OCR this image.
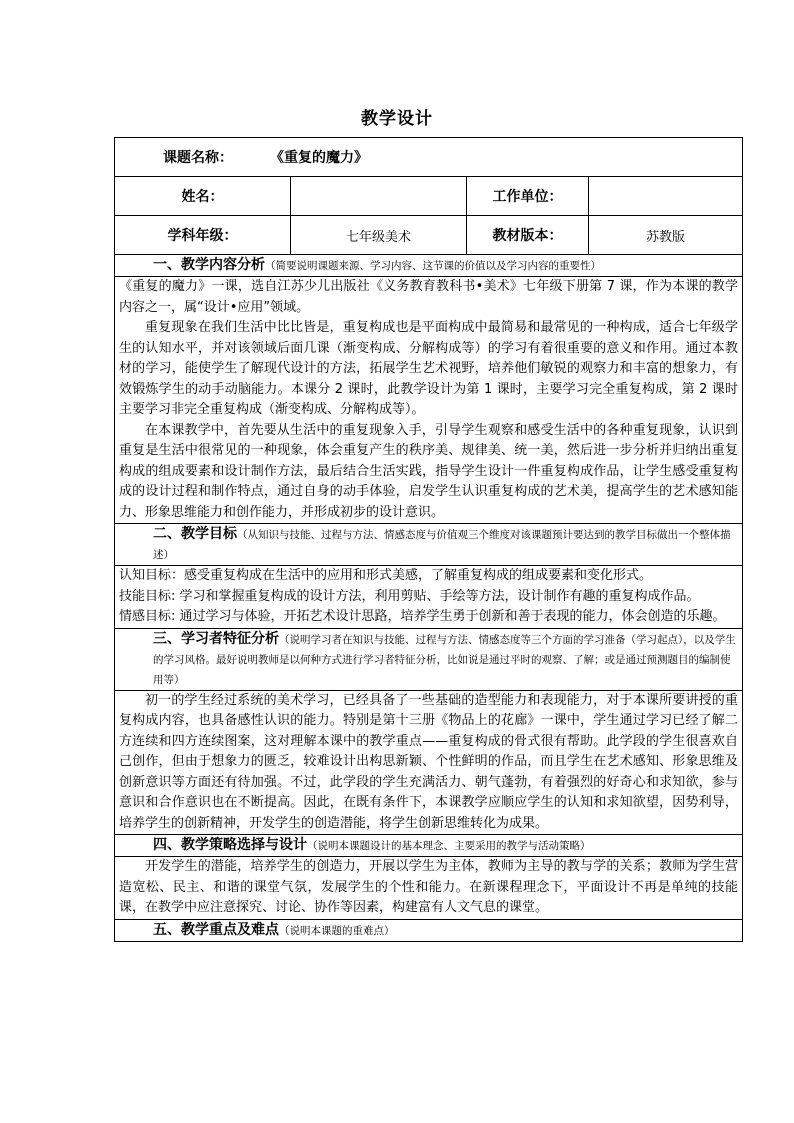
教学设计
课题名称： 《重复的魔力》			
姓名：		工作单位：	
学科年级：	七年级美术	教材版本：	苏教版
一、教学内容分析（简要说明课题来源、学习内容、这节课的价值以及学习内容的重要性）			

《重复的魔力》一课，选自江苏少儿出版社《义务教育教科书•美术》七年级下册第 7 课，作为本课的教学内容之一，属“设计•应用”领域。

重复现象在我们生活中比比皆是，重复构成也是平面构成中最简易和最常见的一种构成，适合七年级学生的认知水平，并对该领域后面几课（渐变构成、分解构成等）的学习有着很重要的意义和作用。通过本教材的学习，能使学生了解现代设计的方法，拓展学生艺术视野，培养他们敏锐的观察力和丰富的想象力，有效锻炼学生的动手动脑能力。本课分 2 课时，此教学设计为第 1 课时，主要学习完全重复构成，第 2 课时主要学习非完全重复构成（渐变构成、分解构成等）。

在本课教学中，首先要从生活中的重复现象入手，引导学生观察和感受生活中的各种重复现象，认识到重复是生活中很常见的一种现象，体会重复产生的秩序美、规律美、统一美，然后进一步分析并归纳出重复构成的组成要素和设计制作方法，最后结合生活实践，指导学生设计一件重复构成作品，让学生感受重复构成的设计过程和制作特点，通过自身的动手体验，启发学生认识重复构成的艺术美，提高学生的艺术感知能力、形象思维能力和创作能力，并形成初步的设计意识。			

二、教学目标（从知识与技能、过程与方法、情感态度与价值观三个维度对该课题预计要达到的教学目标做出一个整体描述）			

认知目标：感受重复构成在生活中的应用和形式美感，了解重复构成的组成要素和变化形式。

技能目标: 学习和掌握重复构成的设计方法，利用剪贴、手绘等方法，设计制作有趣的重复构成作品。

情感目标: 通过学习与体验，开拓艺术设计思路，培养学生勇于创新和善于表现的能力，体会创造的乐趣。			

三、学习者特征分析（说明学习者在知识与技能、过程与方法、情感态度等三个方面的学习准备（学习起点），以及学生的学习风格。最好说明教师是以何种方式进行学习者特征分析，比如说是通过平时的观察、了解；或是通过预测题目的编制使用等）			

初一的学生经过系统的美术学习，已经具备了一些基础的造型能力和表现能力，对于本课所要讲授的重复构成内容，也具备感性认识的能力。特别是第十三册《物品上的花廊》一课中，学生通过学习已经了解二方连续和四方连续图案，这对理解本课中的教学重点——重复构成的骨式很有帮助。此学段的学生很喜欢自己创作，但由于想象力的匮乏，较难设计出构思新颖、个性鲜明的作品，而且学生在艺术感知、形象思维及创新意识等方面还有待加强。不过，此学段的学生充满活力、朝气蓬勃，有着强烈的好奇心和求知欲，参与意识和合作意识也在不断提高。因此，在既有条件下，本课教学应顺应学生的认知和求知欲望，因势利导，培养学生的创新精神，开发学生的创造潜能，将学生创新思维转化为成果。			

四、教学策略选择与设计（说明本课题设计的基本理念、主要采用的教学与活动策略）			

开发学生的潜能，培养学生的创造力，开展以学生为主体，教师为主导的教与学的关系；教师为学生营造宽松、民主、和谐的课堂气氛，发展学生的个性和能力。在新课程理念下，平面设计不再是单纯的技能课，在教学中应注意探究、讨论、协作等因素，构建富有人文气息的课堂。			

五、教学重点及难点（说明本课题的重难点）			
